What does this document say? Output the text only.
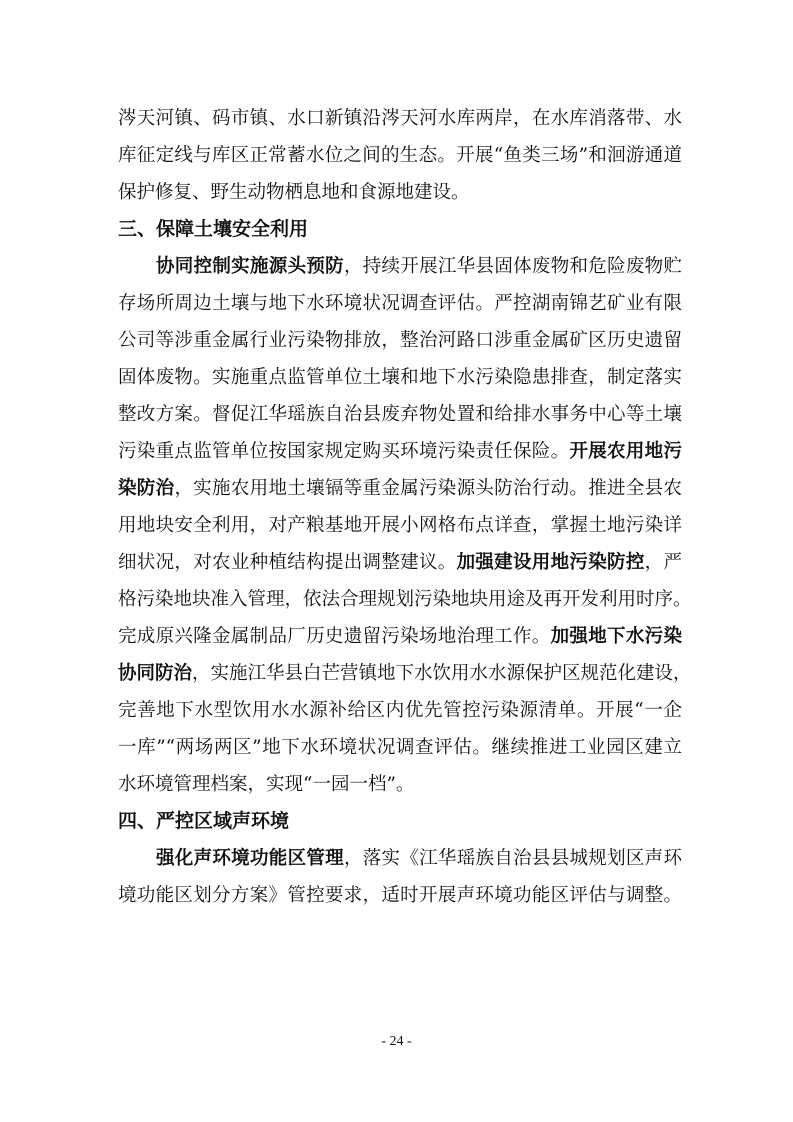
涔天河镇、码市镇、水口新镇沿涔天河水库两岸，在水库消落带、水
库征定线与库区正常蓄水位之间的生态。开展“鱼类三场”和洄游通道
保护修复、野生动物栖息地和食源地建设。
三、保障土壤安全利用
协同控制实施源头预防，持续开展江华县固体废物和危险废物贮
存场所周边土壤与地下水环境状况调查评估。严控湖南锦艺矿业有限
公司等涉重金属行业污染物排放，整治河路口涉重金属矿区历史遗留
固体废物。实施重点监管单位土壤和地下水污染隐患排查，制定落实
整改方案。督促江华瑶族自治县废弃物处置和给排水事务中心等土壤
污染重点监管单位按国家规定购买环境污染责任保险。开展农用地污
染防治，实施农用地土壤镉等重金属污染源头防治行动。推进全县农
用地块安全利用，对产粮基地开展小网格布点详查，掌握土地污染详
细状况，对农业种植结构提出调整建议。加强建设用地污染防控，严
格污染地块准入管理，依法合理规划污染地块用途及再开发利用时序。
完成原兴隆金属制品厂历史遗留污染场地治理工作。加强地下水污染
协同防治，实施江华县白芒营镇地下水饮用水水源保护区规范化建设，
完善地下水型饮用水水源补给区内优先管控污染源清单。开展“一企
一库”“两场两区”地下水环境状况调查评估。继续推进工业园区建立
水环境管理档案，实现“一园一档”。
四、严控区域声环境
强化声环境功能区管理，落实《江华瑶族自治县县城规划区声环
境功能区划分方案》管控要求，适时开展声环境功能区评估与调整。
- 24 -
